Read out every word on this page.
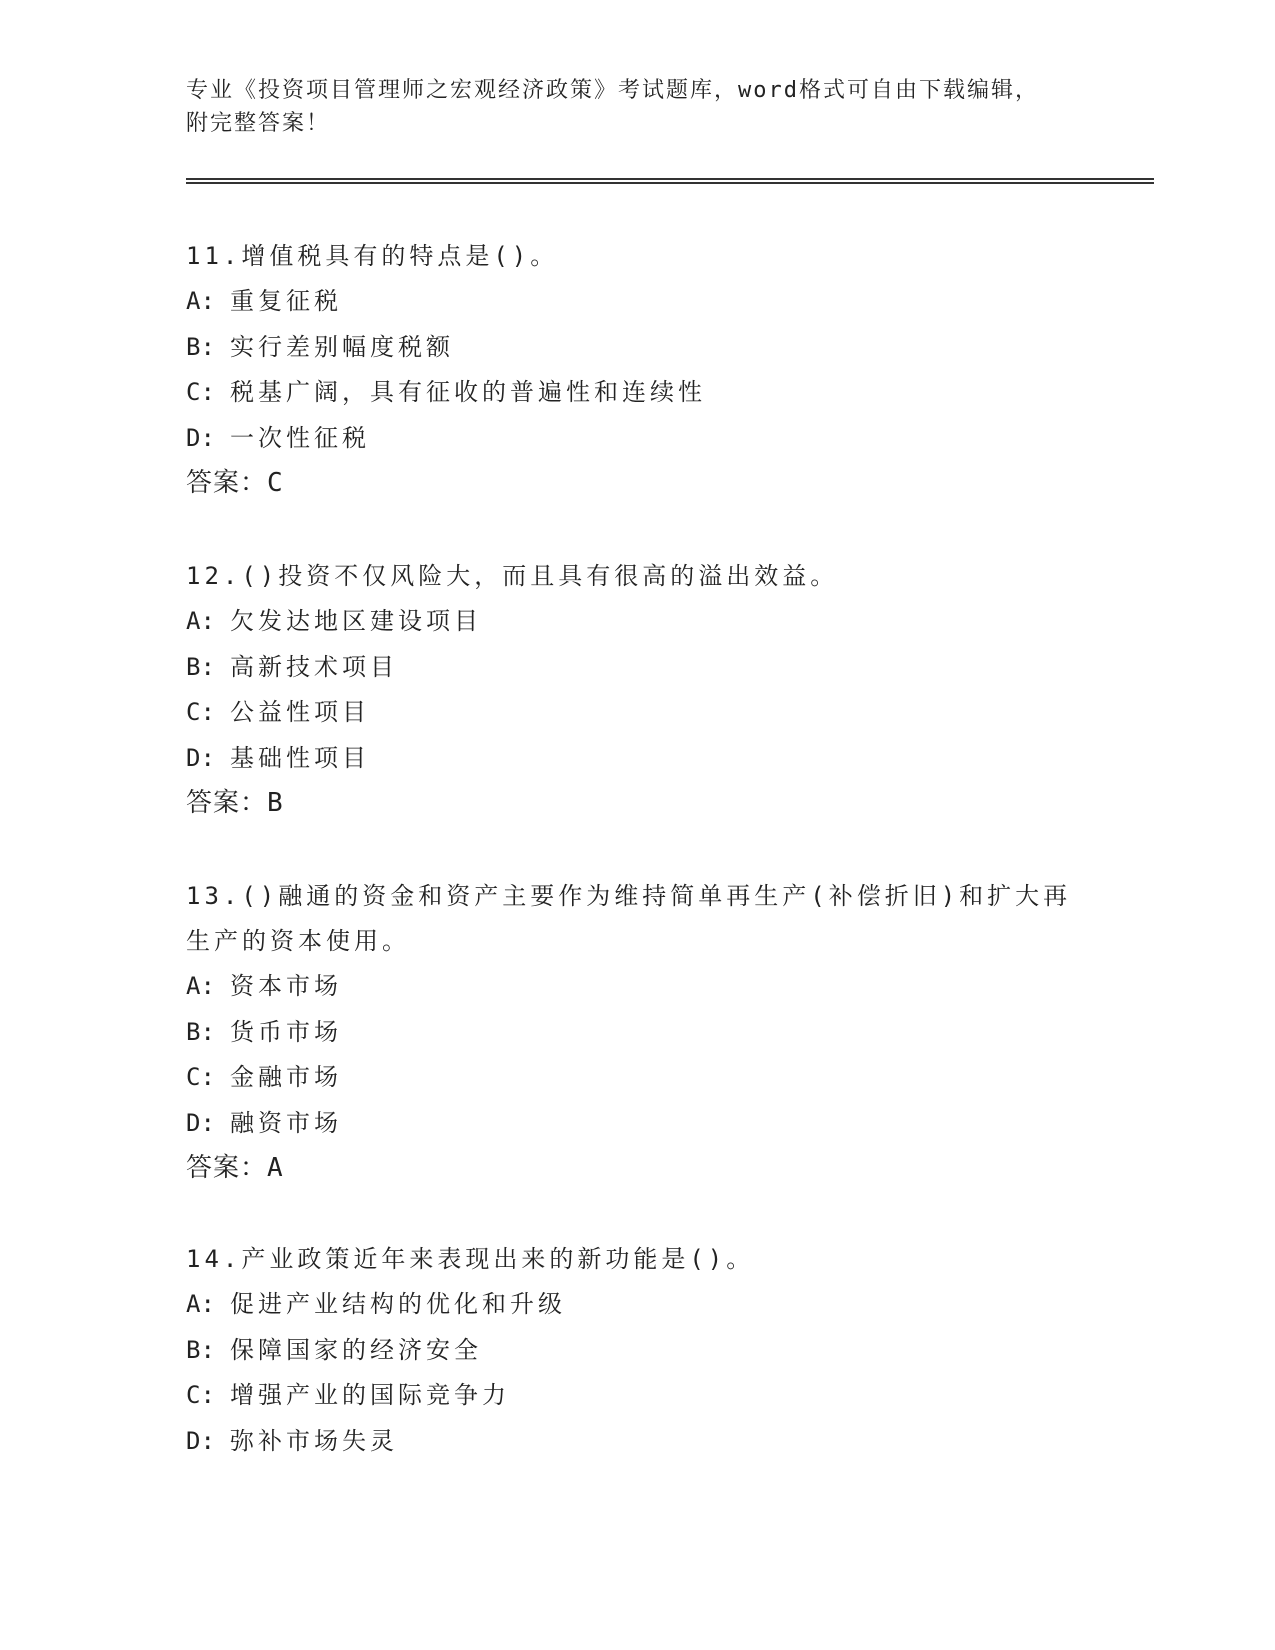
专业《投资项目管理师之宏观经济政策》考试题库，word格式可自由下载编辑，
附完整答案！

11.增值税具有的特点是()。

A: 重复征税

B: 实行差别幅度税额

C: 税基广阔，具有征收的普遍性和连续性

D: 一次性征税

答案：C

12.()投资不仅风险大，而且具有很高的溢出效益。

A: 欠发达地区建设项目

B: 高新技术项目

C: 公益性项目

D: 基础性项目

答案：B

13.()融通的资金和资产主要作为维持简单再生产(补偿折旧)和扩大再生产的资本使用。

A: 资本市场

B: 货币市场

C: 金融市场

D: 融资市场

答案：A

14.产业政策近年来表现出来的新功能是()。

A: 促进产业结构的优化和升级

B: 保障国家的经济安全

C: 增强产业的国际竞争力

D: 弥补市场失灵
